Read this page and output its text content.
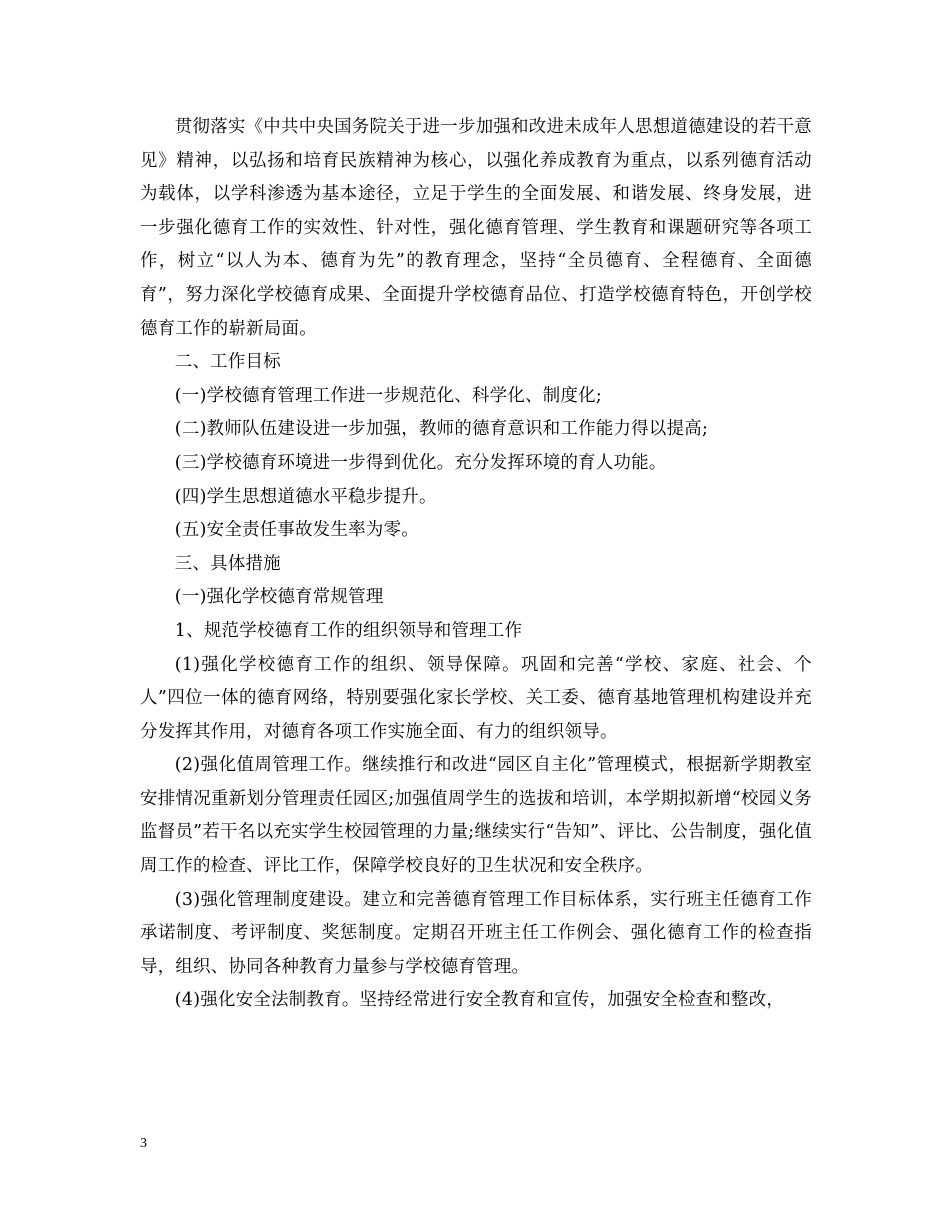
贯彻落实《中共中央国务院关于进一步加强和改进未成年人思想道德建设的若干意见》精神，以弘扬和培育民族精神为核心，以强化养成教育为重点，以系列德育活动为载体，以学科渗透为基本途径，立足于学生的全面发展、和谐发展、终身发展，进一步强化德育工作的实效性、针对性，强化德育管理、学生教育和课题研究等各项工作，树立“以人为本、德育为先”的教育理念，坚持“全员德育、全程德育、全面德育”，努力深化学校德育成果、全面提升学校德育品位、打造学校德育特色，开创学校德育工作的崭新局面。

二、工作目标

(一)学校德育管理工作进一步规范化、科学化、制度化;

(二)教师队伍建设进一步加强，教师的德育意识和工作能力得以提高;

(三)学校德育环境进一步得到优化。充分发挥环境的育人功能。

(四)学生思想道德水平稳步提升。

(五)安全责任事故发生率为零。

三、具体措施

(一)强化学校德育常规管理

1、规范学校德育工作的组织领导和管理工作

(1)强化学校德育工作的组织、领导保障。巩固和完善“学校、家庭、社会、个人”四位一体的德育网络，特别要强化家长学校、关工委、德育基地管理机构建设并充分发挥其作用，对德育各项工作实施全面、有力的组织领导。

(2)强化值周管理工作。继续推行和改进“园区自主化”管理模式，根据新学期教室安排情况重新划分管理责任园区;加强值周学生的选拔和培训，本学期拟新增“校园义务监督员”若干名以充实学生校园管理的力量;继续实行“告知”、评比、公告制度，强化值周工作的检查、评比工作，保障学校良好的卫生状况和安全秩序。

(3)强化管理制度建设。建立和完善德育管理工作目标体系，实行班主任德育工作承诺制度、考评制度、奖惩制度。定期召开班主任工作例会、强化德育工作的检查指导，组织、协同各种教育力量参与学校德育管理。

(4)强化安全法制教育。坚持经常进行安全教育和宣传，加强安全检查和整改，

3
